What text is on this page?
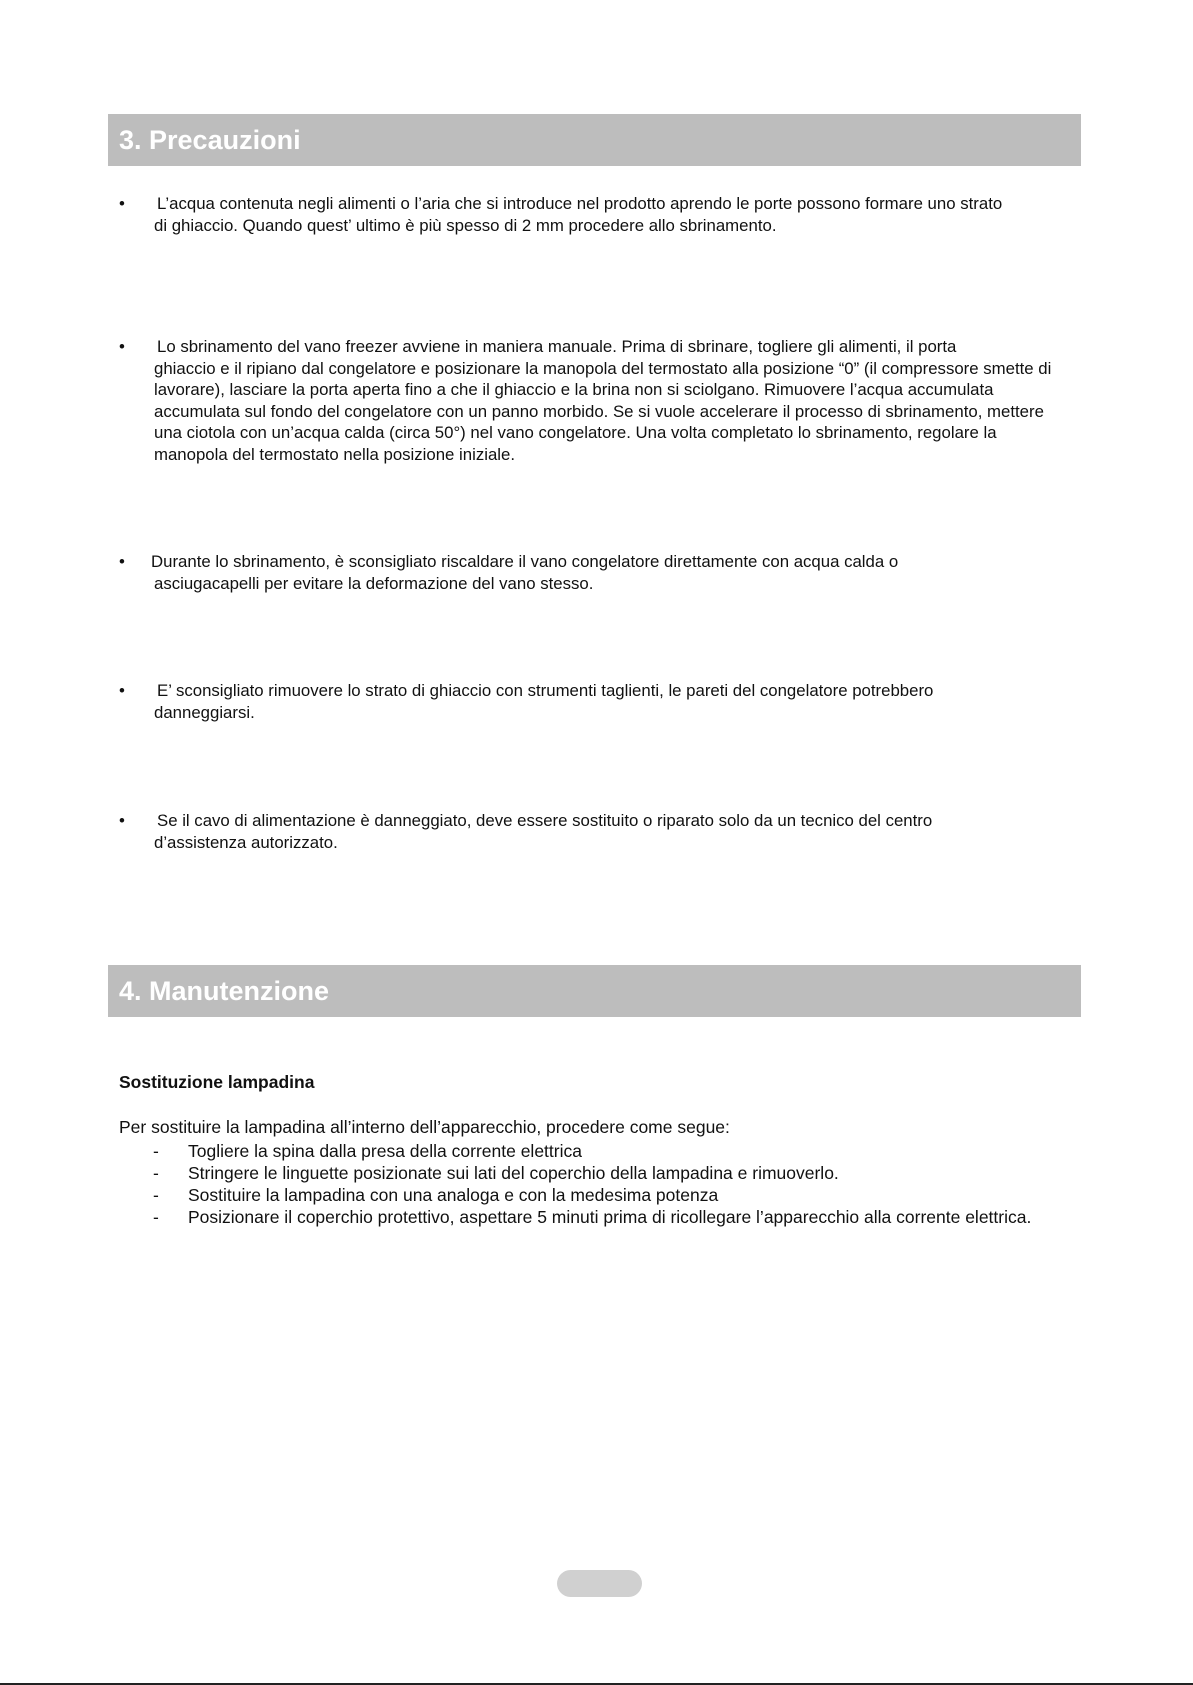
3. Precauzioni
• L’acqua contenuta negli alimenti o l’aria che si introduce nel prodotto aprendo le porte possono formare uno strato
di ghiaccio. Quando quest’ ultimo è più spesso di 2 mm procedere allo sbrinamento.
• Lo sbrinamento del vano freezer avviene in maniera manuale. Prima di sbrinare, togliere gli alimenti, il porta
ghiaccio e il ripiano dal congelatore e posizionare la manopola del termostato alla posizione “0” (il compressore smette di lavorare), lasciare la porta aperta fino a che il ghiaccio e la brina non si sciolgano. Rimuovere l’acqua accumulata accumulata sul fondo del congelatore con un panno morbido. Se si vuole accelerare il processo di sbrinamento, mettere una ciotola con un’acqua calda (circa 50°) nel vano congelatore. Una volta completato lo sbrinamento, regolare la manopola del termostato nella posizione iniziale.
• Durante lo sbrinamento, è sconsigliato riscaldare il vano congelatore direttamente con acqua calda o
asciugacapelli per evitare la deformazione del vano stesso.
• E’ sconsigliato rimuovere lo strato di ghiaccio con strumenti taglienti, le pareti del congelatore potrebbero
danneggiarsi.
• Se il cavo di alimentazione è danneggiato, deve essere sostituito o riparato solo da un tecnico del centro
d’assistenza autorizzato.
4. Manutenzione
Sostituzione lampadina
Per sostituire la lampadina all’interno dell’apparecchio, procedere come segue:
- Togliere la spina dalla presa della corrente elettrica
- Stringere le linguette posizionate sui lati del coperchio della lampadina e rimuoverlo.
- Sostituire la lampadina con una analoga e con la medesima potenza
- Posizionare il coperchio protettivo, aspettare 5 minuti prima di ricollegare l’apparecchio alla corrente elettrica.
